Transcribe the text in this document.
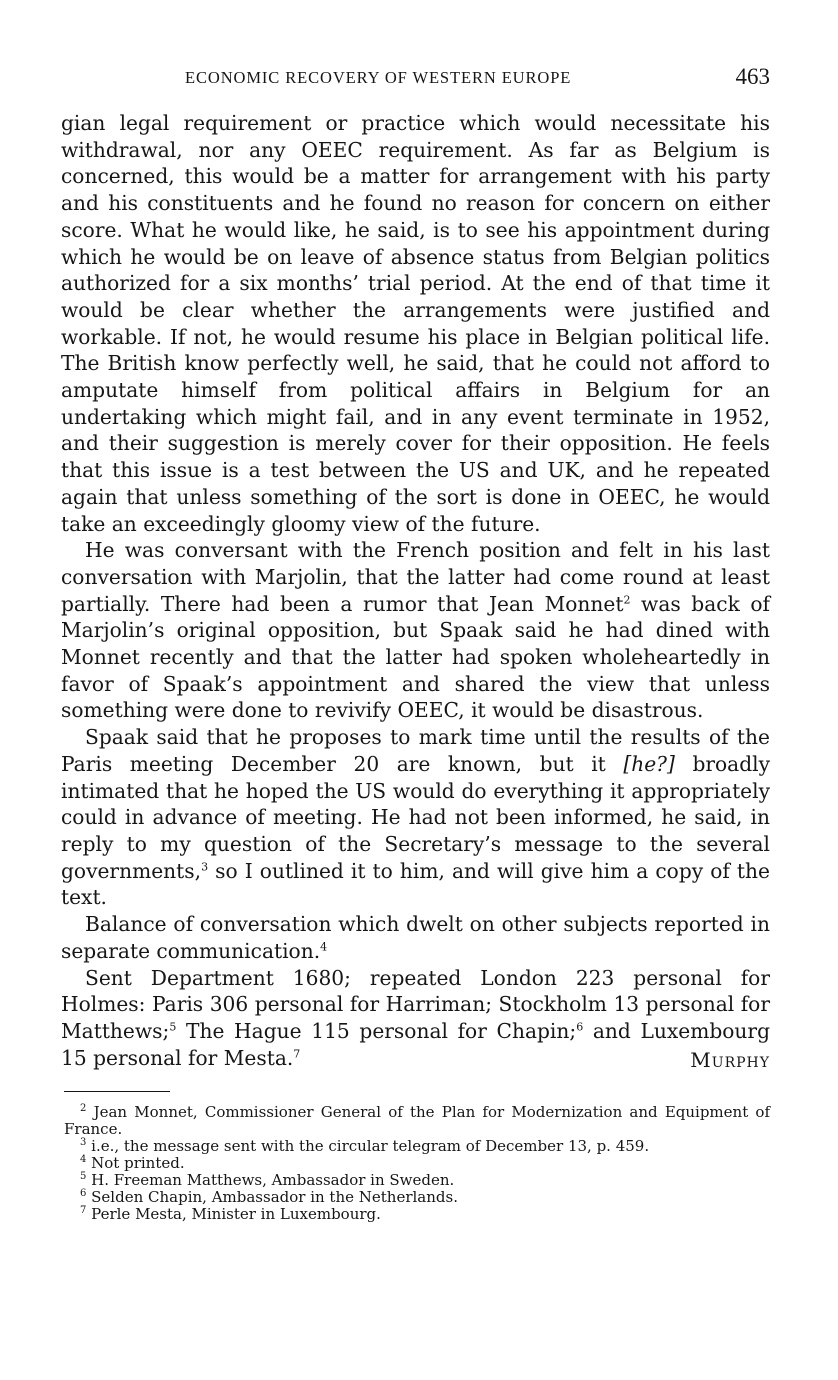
ECONOMIC RECOVERY OF WESTERN EUROPE	463

gian legal requirement or practice which would necessitate his withdrawal, nor any OEEC requirement. As far as Belgium is concerned, this would be a matter for arrangement with his party and his constituents and he found no reason for concern on either score. What he would like, he said, is to see his appointment during which he would be on leave of absence status from Belgian politics authorized for a six months’ trial period. At the end of that time it would be clear whether the arrangements were justified and workable. If not, he would resume his place in Belgian political life. The British know perfectly well, he said, that he could not afford to amputate himself from political affairs in Belgium for an undertaking which might fail, and in any event terminate in 1952, and their suggestion is merely cover for their opposition. He feels that this issue is a test between the US and UK, and he repeated again that unless something of the sort is done in OEEC, he would take an exceedingly gloomy view of the future.

He was conversant with the French position and felt in his last conversation with Marjolin, that the latter had come round at least partially. There had been a rumor that Jean Monnet$^2$ was back of Marjolin’s original opposition, but Spaak said he had dined with Monnet recently and that the latter had spoken wholeheartedly in favor of Spaak’s appointment and shared the view that unless something were done to revivify OEEC, it would be disastrous.

Spaak said that he proposes to mark time until the results of the Paris meeting December 20 are known, but it [he?] broadly intimated that he hoped the US would do everything it appropriately could in advance of meeting. He had not been informed, he said, in reply to my question of the Secretary’s message to the several governments,$^3$ so I outlined it to him, and will give him a copy of the text.

Balance of conversation which dwelt on other subjects reported in separate communication.$^4$

Sent Department 1680; repeated London 223 personal for Holmes: Paris 306 personal for Harriman; Stockholm 13 personal for Matthews;$^5$ The Hague 115 personal for Chapin;$^6$ and Luxembourg 15 personal for Mesta.$^7$	Murphy

$^2$ Jean Monnet, Commissioner General of the Plan for Modernization and Equipment of France.

$^3$ i.e., the message sent with the circular telegram of December 13, p. 459.

$^4$ Not printed.

$^5$ H. Freeman Matthews, Ambassador in Sweden.

$^6$ Selden Chapin, Ambassador in the Netherlands.

$^7$ Perle Mesta, Minister in Luxembourg.
